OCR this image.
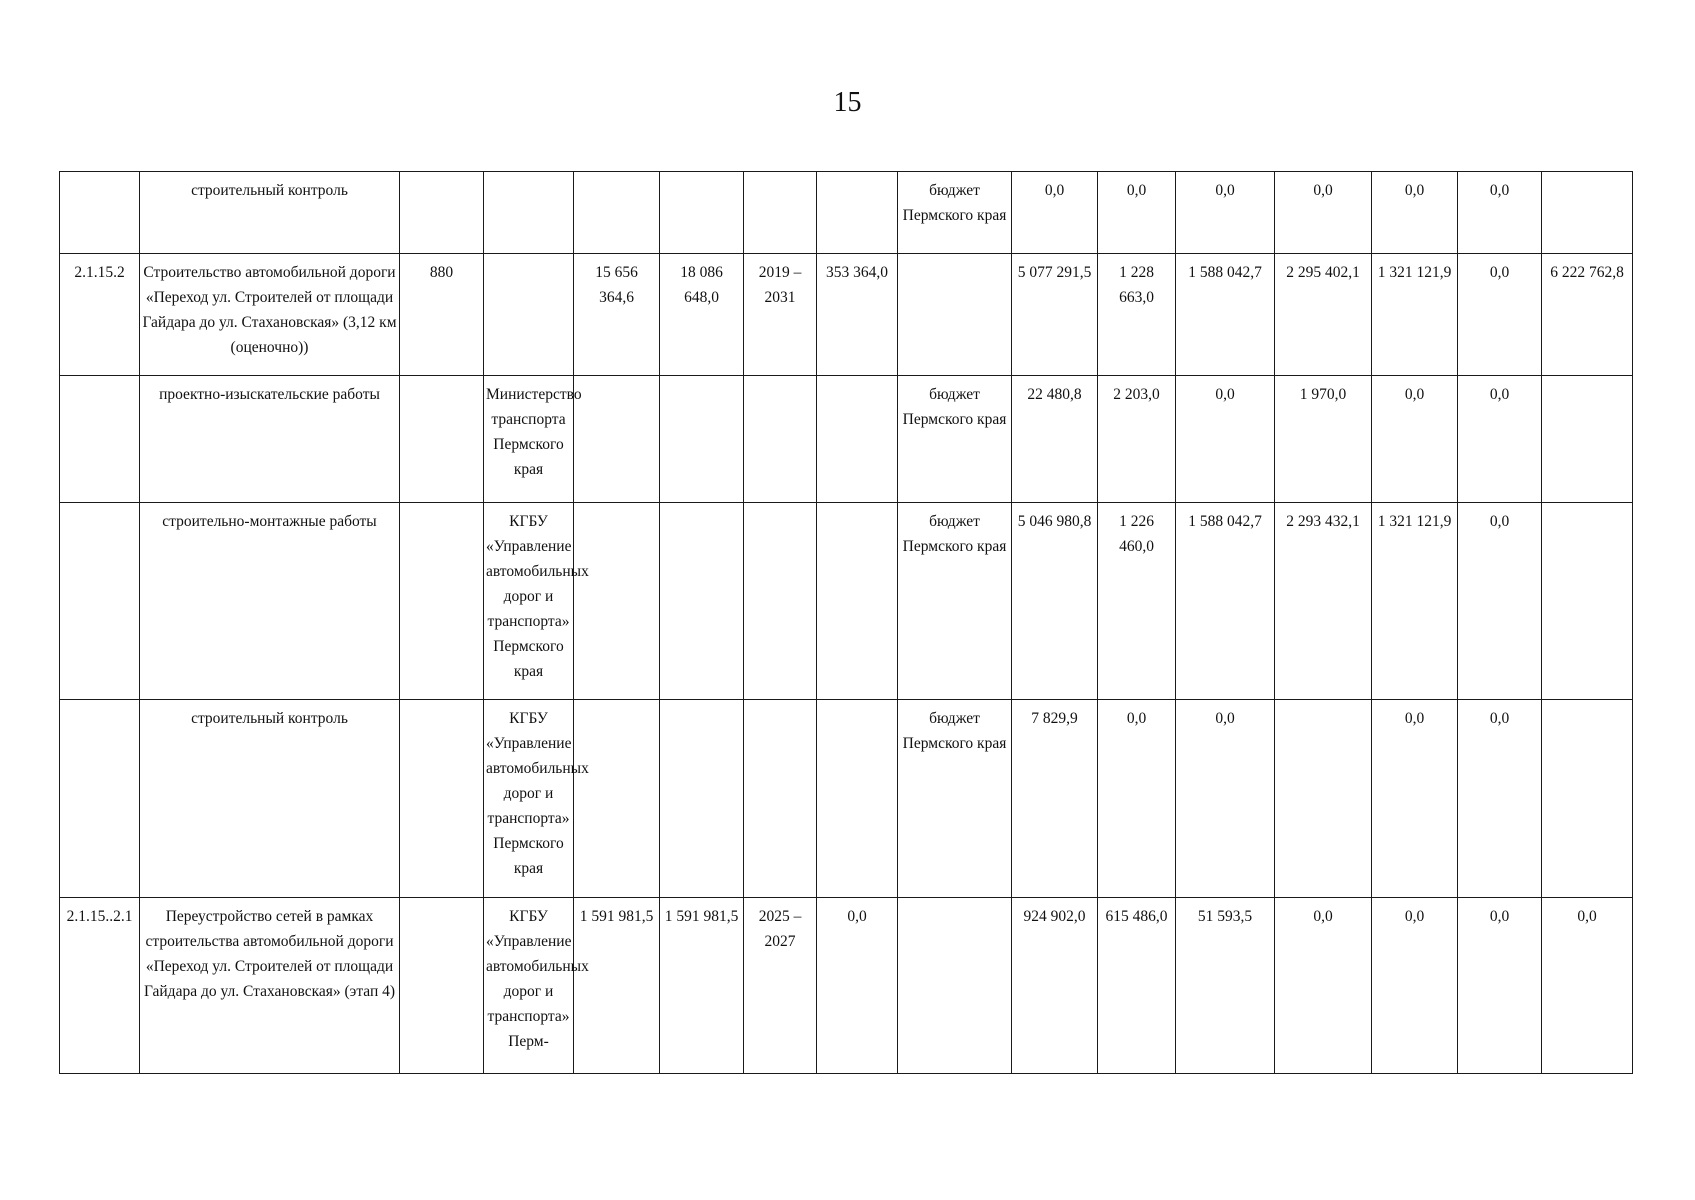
15
	строительный контроль							бюджет Пермского края	0,0	0,0	0,0	0,0	0,0	0,0	
2.1.15.2	Строительство автомобильной дороги «Переход ул. Строителей от площади Гайдара до ул. Стахановская» (3,12 км (оценочно))	880		15 656 364,6	18 086 648,0	2019 – 2031	353 364,0		5 077 291,5	1 228 663,0	1 588 042,7	2 295 402,1	1 321 121,9	0,0	6 222 762,8
	проектно-изыскательские работы		Министерство транспорта Пермского края					бюджет Пермского края	22 480,8	2 203,0	0,0	1 970,0	0,0	0,0	
	строительно-монтажные работы		КГБУ «Управление автомобильных дорог и транспорта» Пермского края					бюджет Пермского края	5 046 980,8	1 226 460,0	1 588 042,7	2 293 432,1	1 321 121,9	0,0	
	строительный контроль		КГБУ «Управление автомобильных дорог и транспорта» Пермского края					бюджет Пермского края	7 829,9	0,0	0,0		0,0	0,0	
2.1.15..2.1	Переустройство сетей в рамках строительства автомобильной дороги «Переход ул. Строителей от площади Гайдара до ул. Стахановская» (этап 4)		КГБУ «Управление автомобильных дорог и транспорта» Перм-	1 591 981,5	1 591 981,5	2025 – 2027	0,0		924 902,0	615 486,0	51 593,5	0,0	0,0	0,0	0,0
